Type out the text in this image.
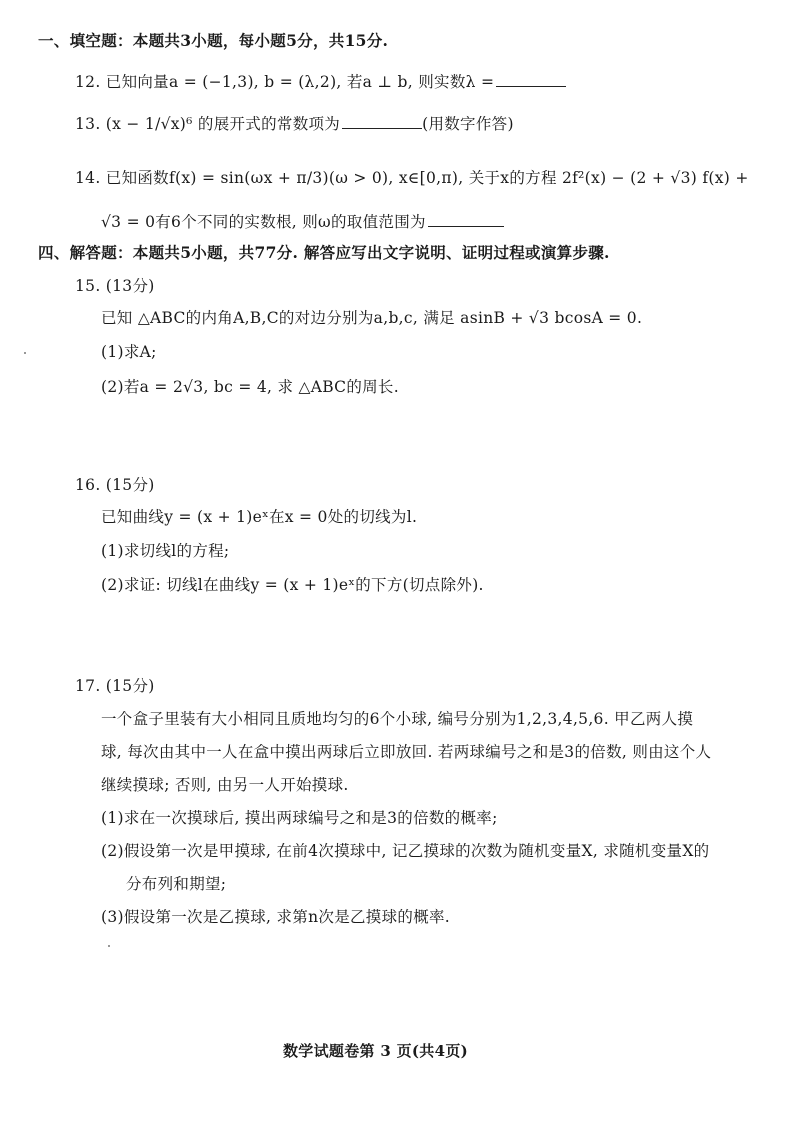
一、填空题：本题共3小题，每小题5分，共15分.
12. 已知向量a = (−1,3), b = (λ,2), 若a ⊥ b, 则实数λ =
13. (x − 1/√x)⁶ 的展开式的常数项为	(用数字作答)
14. 已知函数f(x) = sin(ωx + π/3)(ω > 0), x∈[0,π), 关于x的方程 2f²(x) − (2 + √3) f(x) +
√3 = 0有6个不同的实数根, 则ω的取值范围为
四、解答题：本题共5小题，共77分. 解答应写出文字说明、证明过程或演算步骤.
15. (13分)
已知 △ABC的内角A,B,C的对边分别为a,b,c, 满足 asinB + √3 bcosA = 0.
(1)求A;
(2)若a = 2√3, bc = 4, 求 △ABC的周长.
16. (15分)
已知曲线y = (x + 1)eˣ在x = 0处的切线为l.
(1)求切线l的方程;
(2)求证: 切线l在曲线y = (x + 1)eˣ的下方(切点除外).
17. (15分)
一个盒子里装有大小相同且质地均匀的6个小球, 编号分别为1,2,3,4,5,6. 甲乙两人摸
球, 每次由其中一人在盒中摸出两球后立即放回. 若两球编号之和是3的倍数, 则由这个人
继续摸球; 否则, 由另一人开始摸球.
(1)求在一次摸球后, 摸出两球编号之和是3的倍数的概率;
(2)假设第一次是甲摸球, 在前4次摸球中, 记乙摸球的次数为随机变量X, 求随机变量X的
分布列和期望;
(3)假设第一次是乙摸球, 求第n次是乙摸球的概率.
数学试题卷第 3 页(共4页)
